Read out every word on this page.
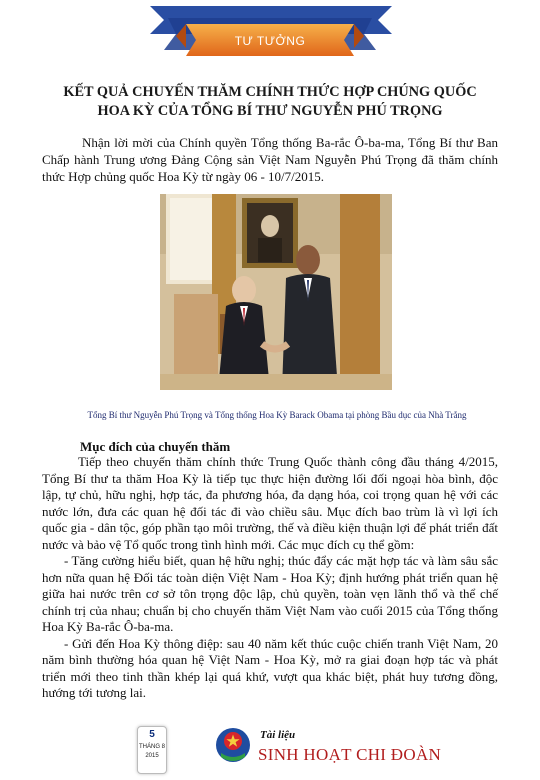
TƯ TƯỞNG
KẾT QUẢ CHUYẾN THĂM CHÍNH THỨC HỢP CHÚNG QUỐC
HOA KỲ CỦA TỔNG BÍ THƯ NGUYỄN PHÚ TRỌNG
Nhận lời mời của Chính quyền Tổng thống Ba-rắc Ô-ba-ma, Tổng Bí thư Ban Chấp hành Trung ương Đảng Cộng sản Việt Nam Nguyễn Phú Trọng đã thăm chính thức Hợp chủng quốc Hoa Kỳ từ ngày 06 - 10/7/2015.
Tổng Bí thư Nguyễn Phú Trọng và Tổng thống Hoa Kỳ Barack Obama tại phòng Bầu dục của Nhà Trắng
Mục đích của chuyến thăm

Tiếp theo chuyến thăm chính thức Trung Quốc thành công đầu tháng 4/2015, Tổng Bí thư ta thăm Hoa Kỳ là tiếp tục thực hiện đường lối đối ngoại hòa bình, độc lập, tự chủ, hữu nghị, hợp tác, đa phương hóa, đa dạng hóa, coi trọng quan hệ với các nước lớn, đưa các quan hệ đối tác đi vào chiều sâu. Mục đích bao trùm là vì lợi ích quốc gia - dân tộc, góp phần tạo môi trường, thế và điều kiện thuận lợi để phát triển đất nước và bảo vệ Tổ quốc trong tình hình mới. Các mục đích cụ thể gồm:

- Tăng cường hiểu biết, quan hệ hữu nghị; thúc đẩy các mặt hợp tác và làm sâu sắc hơn nữa quan hệ Đối tác toàn diện Việt Nam - Hoa Kỳ; định hướng phát triển quan hệ giữa hai nước trên cơ sở tôn trọng độc lập, chủ quyền, toàn vẹn lãnh thổ và thể chế chính trị của nhau; chuẩn bị cho chuyến thăm Việt Nam vào cuối 2015 của Tổng thống Hoa Kỳ Ba-rắc Ô-ba-ma.

- Gửi đến Hoa Kỳ thông điệp: sau 40 năm kết thúc cuộc chiến tranh Việt Nam, 20 năm bình thường hóa quan hệ Việt Nam - Hoa Kỳ, mở ra giai đoạn hợp tác và phát triển mới theo tinh thần khép lại quá khứ, vượt qua khác biệt, phát huy tương đồng, hướng tới tương lai.

5
THÁNG 8
2015
Tài liệu
SINH HOẠT CHI ĐOÀN
